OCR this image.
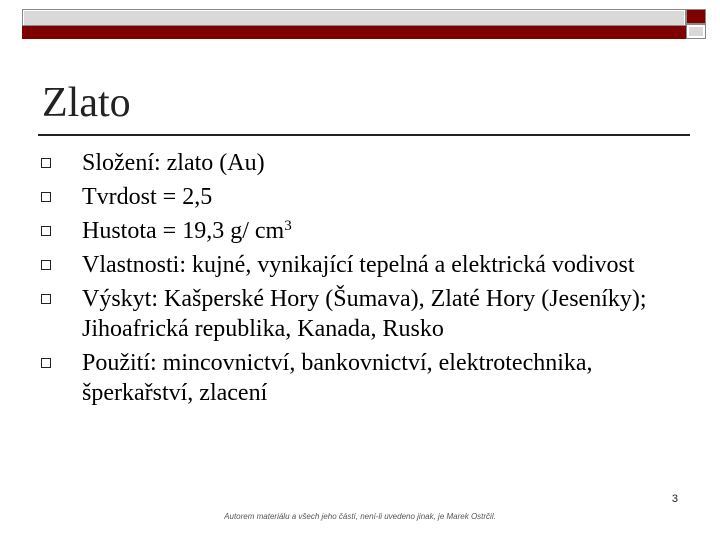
Zlato
Složení: zlato (Au)
Tvrdost = 2,5
Hustota = 19,3 g/ $cm^3$
Vlastnosti: kujné, vynikající tepelná a elektrická vodivost
Výskyt: Kašperské Hory (Šumava), Zlaté Hory (Jeseníky); Jihoafrická republika, Kanada, Rusko
Použití: mincovnictví, bankovnictví, elektrotechnika, šperkařství, zlacení
3
Autorem materiálu a všech jeho částí, není-li uvedeno jinak, je Marek Ostrčil.
